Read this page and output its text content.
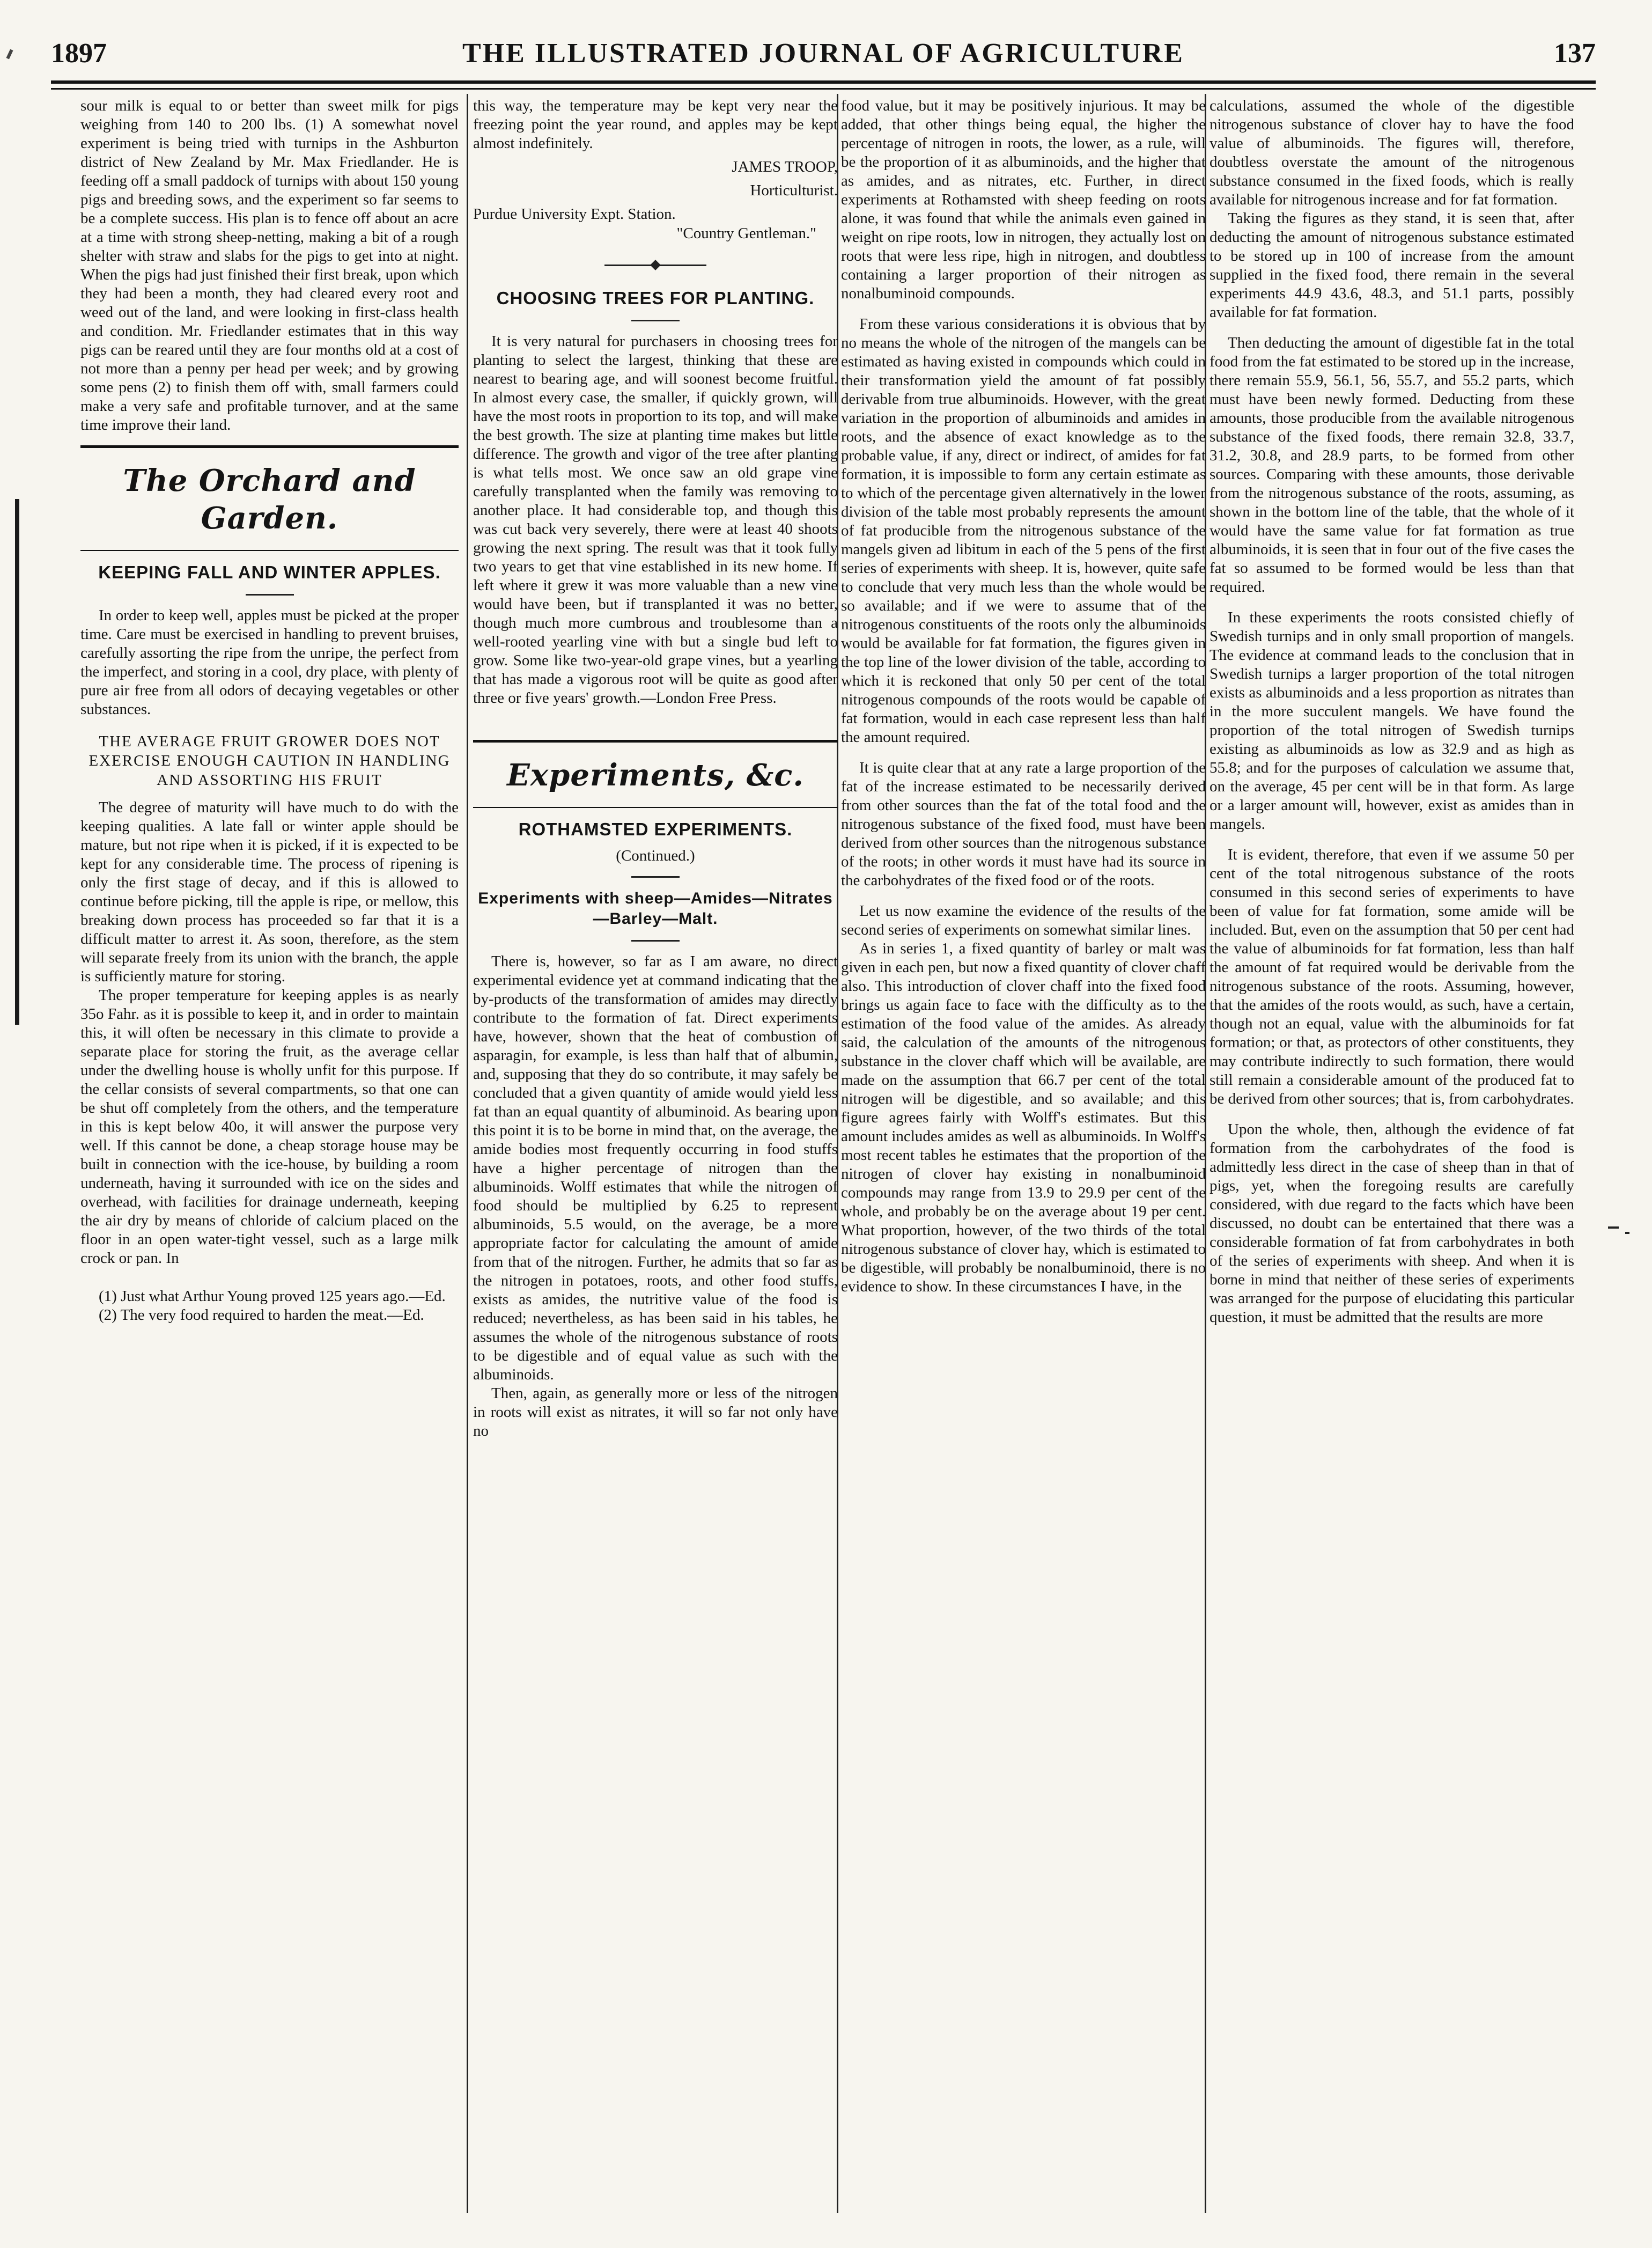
1897	THE ILLUSTRATED JOURNAL OF AGRICULTURE	137

sour milk is equal to or better than sweet milk for pigs weighing from 140 to 200 lbs. (1) A somewhat novel experiment is being tried with turnips in the Ashburton district of New Zealand by Mr. Max Friedlander. He is feeding off a small paddock of turnips with about 150 young pigs and breeding sows, and the experiment so far seems to be a complete success. His plan is to fence off about an acre at a time with strong sheep-netting, making a bit of a rough shelter with straw and slabs for the pigs to get into at night. When the pigs had just finished their first break, upon which they had been a month, they had cleared every root and weed out of the land, and were looking in first-class health and condition. Mr. Friedlander estimates that in this way pigs can be reared until they are four months old at a cost of not more than a penny per head per week; and by growing some pens (2) to finish them off with, small farmers could make a very safe and profitable turnover, and at the same time improve their land.

The Orchard and Garden.
KEEPING FALL AND WINTER APPLES.

In order to keep well, apples must be picked at the proper time. Care must be exercised in handling to prevent bruises, carefully assorting the ripe from the unripe, the perfect from the imperfect, and storing in a cool, dry place, with plenty of pure air free from all odors of decaying vegetables or other substances.

THE AVERAGE FRUIT GROWER DOES NOT EXERCISE ENOUGH CAUTION IN HANDLING AND ASSORTING HIS FRUIT

The degree of maturity will have much to do with the keeping qualities. A late fall or winter apple should be mature, but not ripe when it is picked, if it is expected to be kept for any considerable time. The process of ripening is only the first stage of decay, and if this is allowed to continue before picking, till the apple is ripe, or mellow, this breaking down process has proceeded so far that it is a difficult matter to arrest it. As soon, therefore, as the stem will separate freely from its union with the branch, the apple is sufficiently mature for storing.

The proper temperature for keeping apples is as nearly 35o Fahr. as it is possible to keep it, and in order to maintain this, it will often be necessary in this climate to provide a separate place for storing the fruit, as the average cellar under the dwelling house is wholly unfit for this purpose. If the cellar consists of several compartments, so that one can be shut off completely from the others, and the temperature in this is kept below 40o, it will answer the purpose very well. If this cannot be done, a cheap storage house may be built in connection with the ice-house, by building a room underneath, having it surrounded with ice on the sides and overhead, with facilities for drainage underneath, keeping the air dry by means of chloride of calcium placed on the floor in an open water-tight vessel, such as a large milk crock or pan. In

(1) Just what Arthur Young proved 125 years ago.—Ed.

(2) The very food required to harden the meat.—Ed.

this way, the temperature may be kept very near the freezing point the year round, and apples may be kept almost indefinitely.

JAMES TROOP,
Horticulturist.
Purdue University Expt. Station.
"Country Gentleman."
CHOOSING TREES FOR PLANTING.

It is very natural for purchasers in choosing trees for planting to select the largest, thinking that these are nearest to bearing age, and will soonest become fruitful. In almost every case, the smaller, if quickly grown, will have the most roots in proportion to its top, and will make the best growth. The size at planting time makes but little difference. The growth and vigor of the tree after planting is what tells most. We once saw an old grape vine carefully transplanted when the family was removing to another place. It had considerable top, and though this was cut back very severely, there were at least 40 shoots growing the next spring. The result was that it took fully two years to get that vine established in its new home. If left where it grew it was more valuable than a new vine would have been, but if transplanted it was no better, though much more cumbrous and troublesome than a well-rooted yearling vine with but a single bud left to grow. Some like two-year-old grape vines, but a yearling that has made a vigorous root will be quite as good after three or five years' growth.—London Free Press.

Experiments, &c.
ROTHAMSTED EXPERIMENTS.
(Continued.)
Experiments with sheep—Amides—Nitrates—Barley—Malt.

There is, however, so far as I am aware, no direct experimental evidence yet at command indicating that the by-products of the transformation of amides may directly contribute to the formation of fat. Direct experiments have, however, shown that the heat of combustion of asparagin, for example, is less than half that of albumin, and, supposing that they do so contribute, it may safely be concluded that a given quantity of amide would yield less fat than an equal quantity of albuminoid. As bearing upon this point it is to be borne in mind that, on the average, the amide bodies most frequently occurring in food stuffs have a higher percentage of nitrogen than the albuminoids. Wolff estimates that while the nitrogen of food should be multiplied by 6.25 to represent albuminoids, 5.5 would, on the average, be a more appropriate factor for calculating the amount of amide from that of the nitrogen. Further, he admits that so far as the nitrogen in potatoes, roots, and other food stuffs, exists as amides, the nutritive value of the food is reduced; nevertheless, as has been said in his tables, he assumes the whole of the nitrogenous substance of roots to be digestible and of equal value as such with the albuminoids.

Then, again, as generally more or less of the nitrogen in roots will exist as nitrates, it will so far not only have no

food value, but it may be positively injurious. It may be added, that other things being equal, the higher the percentage of nitrogen in roots, the lower, as a rule, will be the proportion of it as albuminoids, and the higher that as amides, and as nitrates, etc. Further, in direct experiments at Rothamsted with sheep feeding on roots alone, it was found that while the animals even gained in weight on ripe roots, low in nitrogen, they actually lost on roots that were less ripe, high in nitrogen, and doubtless containing a larger proportion of their nitrogen as nonalbuminoid compounds.

From these various considerations it is obvious that by no means the whole of the nitrogen of the mangels can be estimated as having existed in compounds which could in their transformation yield the amount of fat possibly derivable from true albuminoids. However, with the great variation in the proportion of albuminoids and amides in roots, and the absence of exact knowledge as to the probable value, if any, direct or indirect, of amides for fat formation, it is impossible to form any certain estimate as to which of the percentage given alternatively in the lower division of the table most probably represents the amount of fat producible from the nitrogenous substance of the mangels given ad libitum in each of the 5 pens of the first series of experiments with sheep. It is, however, quite safe to conclude that very much less than the whole would be so available; and if we were to assume that of the nitrogenous constituents of the roots only the albuminoids would be available for fat formation, the figures given in the top line of the lower division of the table, according to which it is reckoned that only 50 per cent of the total nitrogenous compounds of the roots would be capable of fat formation, would in each case represent less than half the amount required.

It is quite clear that at any rate a large proportion of the fat of the increase estimated to be necessarily derived from other sources than the fat of the total food and the nitrogenous substance of the fixed food, must have been derived from other sources than the nitrogenous substance of the roots; in other words it must have had its source in the carbohydrates of the fixed food or of the roots.

Let us now examine the evidence of the results of the second series of experiments on somewhat similar lines.

As in series 1, a fixed quantity of barley or malt was given in each pen, but now a fixed quantity of clover chaff also. This introduction of clover chaff into the fixed food brings us again face to face with the difficulty as to the estimation of the food value of the amides. As already said, the calculation of the amounts of the nitrogenous substance in the clover chaff which will be available, are made on the assumption that 66.7 per cent of the total nitrogen will be digestible, and so available; and this figure agrees fairly with Wolff's estimates. But this amount includes amides as well as albuminoids. In Wolff's most recent tables he estimates that the proportion of the nitrogen of clover hay existing in nonalbuminoid compounds may range from 13.9 to 29.9 per cent of the whole, and probably be on the average about 19 per cent. What proportion, however, of the two thirds of the total nitrogenous substance of clover hay, which is estimated to be digestible, will probably be nonalbuminoid, there is no evidence to show. In these circumstances I have, in the

calculations, assumed the whole of the digestible nitrogenous substance of clover hay to have the food value of albuminoids. The figures will, therefore, doubtless overstate the amount of the nitrogenous substance consumed in the fixed foods, which is really available for nitrogenous increase and for fat formation.

Taking the figures as they stand, it is seen that, after deducting the amount of nitrogenous substance estimated to be stored up in 100 of increase from the amount supplied in the fixed food, there remain in the several experiments 44.9 43.6, 48.3, and 51.1 parts, possibly available for fat formation.

Then deducting the amount of digestible fat in the total food from the fat estimated to be stored up in the increase, there remain 55.9, 56.1, 56, 55.7, and 55.2 parts, which must have been newly formed. Deducting from these amounts, those producible from the available nitrogenous substance of the fixed foods, there remain 32.8, 33.7, 31.2, 30.8, and 28.9 parts, to be formed from other sources. Comparing with these amounts, those derivable from the nitrogenous substance of the roots, assuming, as shown in the bottom line of the table, that the whole of it would have the same value for fat formation as true albuminoids, it is seen that in four out of the five cases the fat so assumed to be formed would be less than that required.

In these experiments the roots consisted chiefly of Swedish turnips and in only small proportion of mangels. The evidence at command leads to the conclusion that in Swedish turnips a larger proportion of the total nitrogen exists as albuminoids and a less proportion as nitrates than in the more succulent mangels. We have found the proportion of the total nitrogen of Swedish turnips existing as albuminoids as low as 32.9 and as high as 55.8; and for the purposes of calculation we assume that, on the average, 45 per cent will be in that form. As large or a larger amount will, however, exist as amides than in mangels.

It is evident, therefore, that even if we assume 50 per cent of the total nitrogenous substance of the roots consumed in this second series of experiments to have been of value for fat formation, some amide will be included. But, even on the assumption that 50 per cent had the value of albuminoids for fat formation, less than half the amount of fat required would be derivable from the nitrogenous substance of the roots. Assuming, however, that the amides of the roots would, as such, have a certain, though not an equal, value with the albuminoids for fat formation; or that, as protectors of other constituents, they may contribute indirectly to such formation, there would still remain a considerable amount of the produced fat to be derived from other sources; that is, from carbohydrates.

Upon the whole, then, although the evidence of fat formation from the carbohydrates of the food is admittedly less direct in the case of sheep than in that of pigs, yet, when the foregoing results are carefully considered, with due regard to the facts which have been discussed, no doubt can be entertained that there was a considerable formation of fat from carbohydrates in both of the series of experiments with sheep. And when it is borne in mind that neither of these series of experiments was arranged for the purpose of elucidating this particular question, it must be admitted that the results are more
